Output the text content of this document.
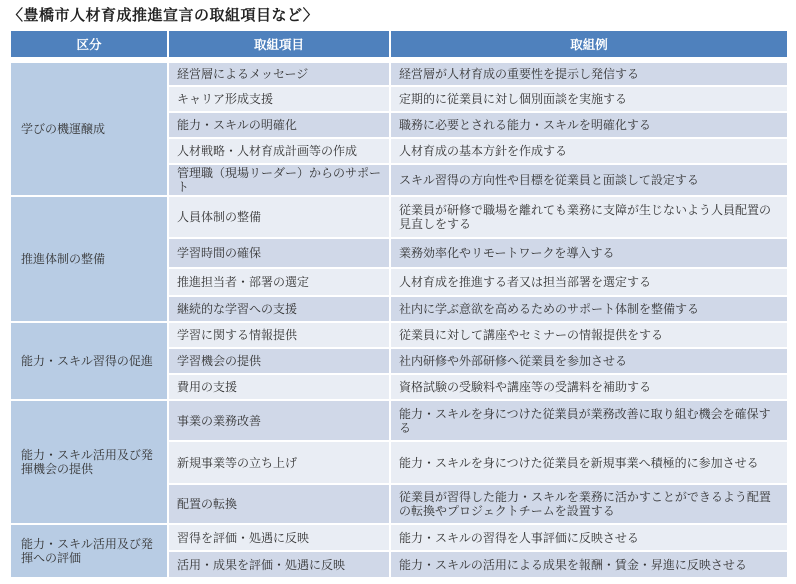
〈豊橋市人材育成推進宣言の取組項目など〉
区分	取組項目	取組例

学びの機運醸成	経営層によるメッセージ	経営層が人材育成の重要性を提示し発信する
	キャリア形成支援	定期的に従業員に対し個別面談を実施する
	能力・スキルの明確化	職務に必要とされる能力・スキルを明確化する
	人材戦略・人材育成計画等の作成	人材育成の基本方針を作成する
	管理職（現場リーダー）からのサポート	スキル習得の方向性や目標を従業員と面談して設定する
推進体制の整備	人員体制の整備	従業員が研修で職場を離れても業務に支障が生じないよう人員配置の見直しをする
	学習時間の確保	業務効率化やリモートワークを導入する
	推進担当者・部署の選定	人材育成を推進する者又は担当部署を選定する
	継続的な学習への支援	社内に学ぶ意欲を高めるためのサポート体制を整備する
能力・スキル習得の促進	学習に関する情報提供	従業員に対して講座やセミナーの情報提供をする
	学習機会の提供	社内研修や外部研修へ従業員を参加させる
	費用の支援	資格試験の受験料や講座等の受講料を補助する
能力・スキル活用及び発揮機会の提供	事業の業務改善	能力・スキルを身につけた従業員が業務改善に取り組む機会を確保する
	新規事業等の立ち上げ	能力・スキルを身につけた従業員を新規事業へ積極的に参加させる
	配置の転換	従業員が習得した能力・スキルを業務に活かすことができるよう配置の転換やプロジェクトチームを設置する
能力・スキル活用及び発揮への評価	習得を評価・処遇に反映	能力・スキルの習得を人事評価に反映させる
	活用・成果を評価・処遇に反映	能力・スキルの活用による成果を報酬・賃金・昇進に反映させる
